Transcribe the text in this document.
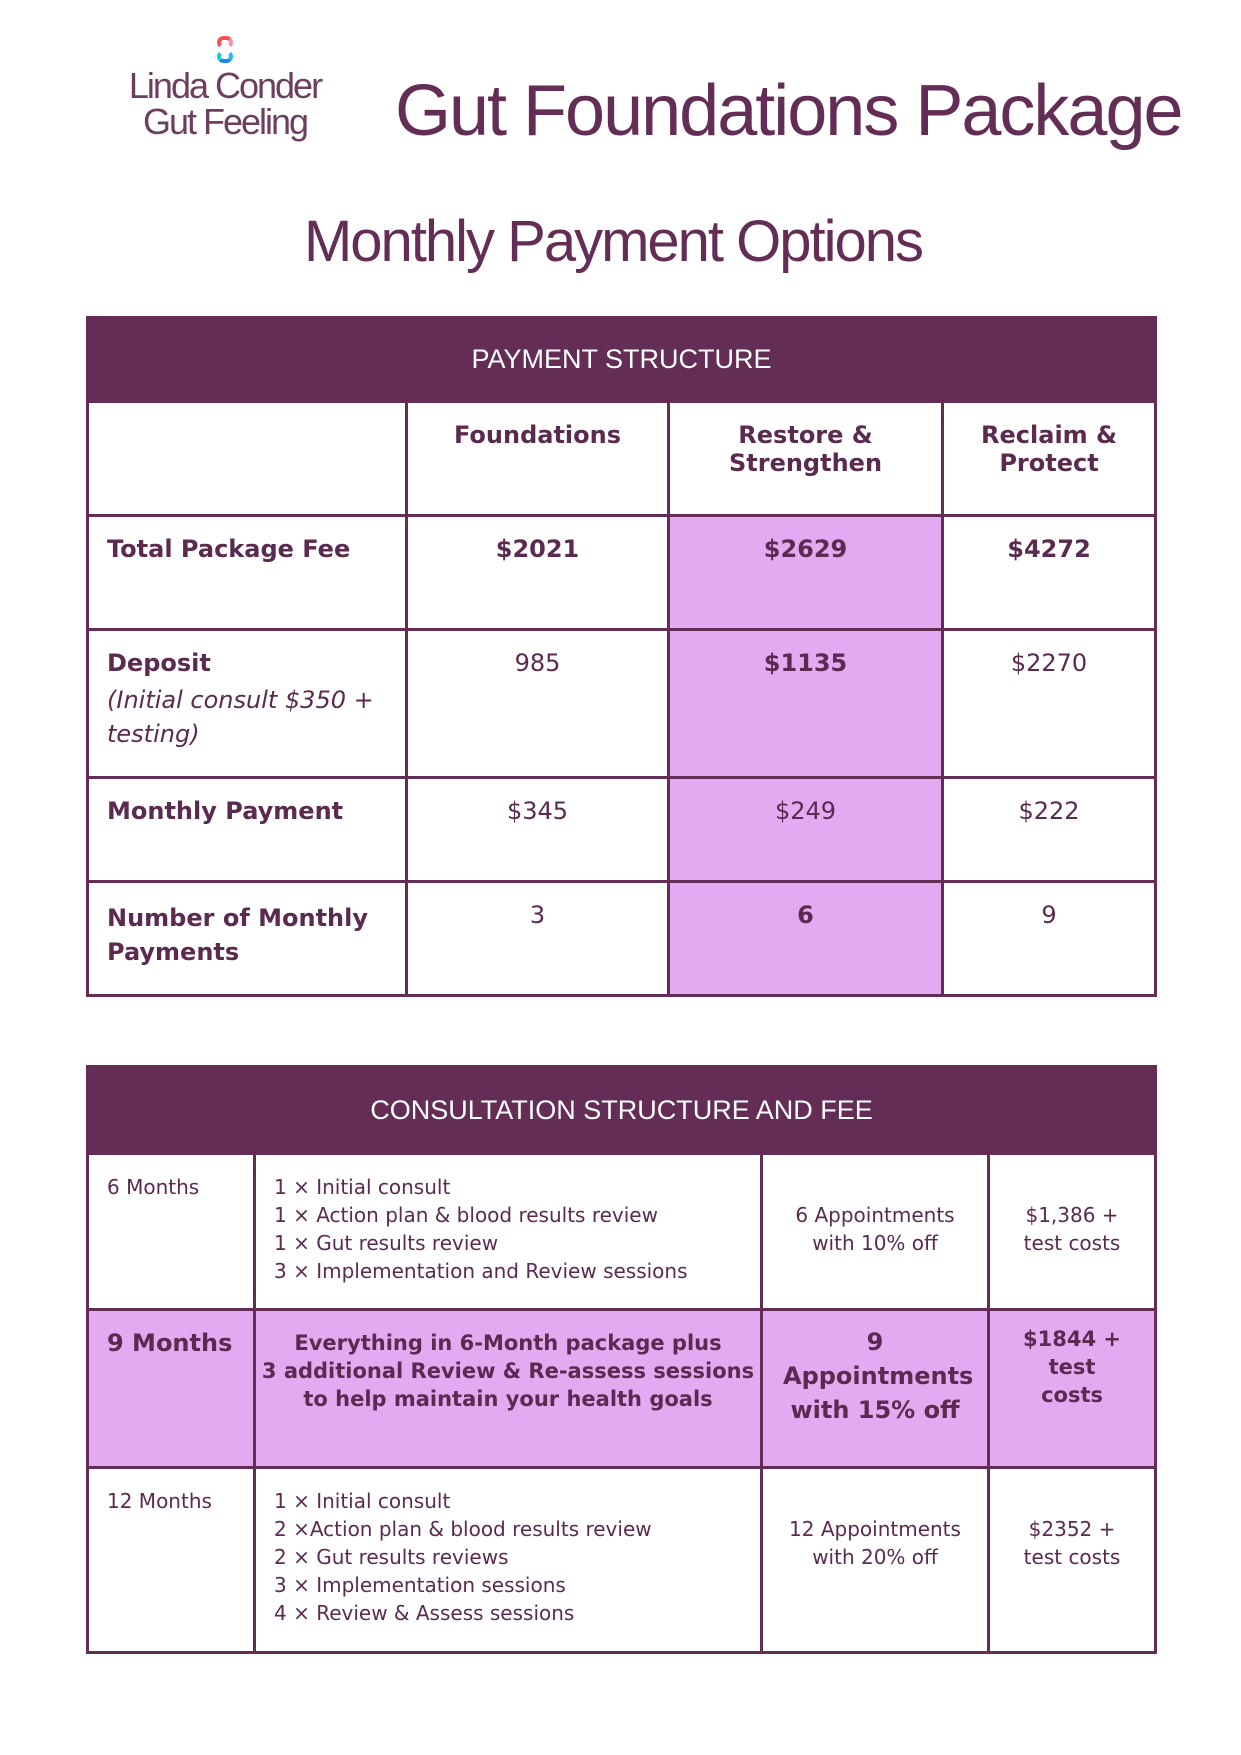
Linda Conder
Gut Feeling	Gut Foundations Package
Monthly Payment Options
PAYMENT STRUCTURE			
	Foundations	Restore & Strengthen	Reclaim & Protect
Total Package Fee	$2021	$2629	$4272

Deposit
(Initial consult $350 + testing)	985	$1135	$2270
Monthly Payment	$345	$249	$222
Number of Monthly Payments	3	6	9
CONSULTATION STRUCTURE AND FEE			
6 Months	1 × Initial consult
1 × Action plan & blood results review
1 × Gut results review
3 × Implementation and Review sessions	6 Appointments with 10% off	$1,386 + test costs
9 Months	Everything in 6-Month package plus
3 additional Review & Re-assess sessions
to help maintain your health goals	9 Appointments with 15% off	$1844 + test costs
12 Months	1 × Initial consult
2 ×Action plan & blood results review
2 × Gut results reviews
3 × Implementation sessions
4 × Review & Assess sessions	12 Appointments with 20% off	$2352 + test costs
